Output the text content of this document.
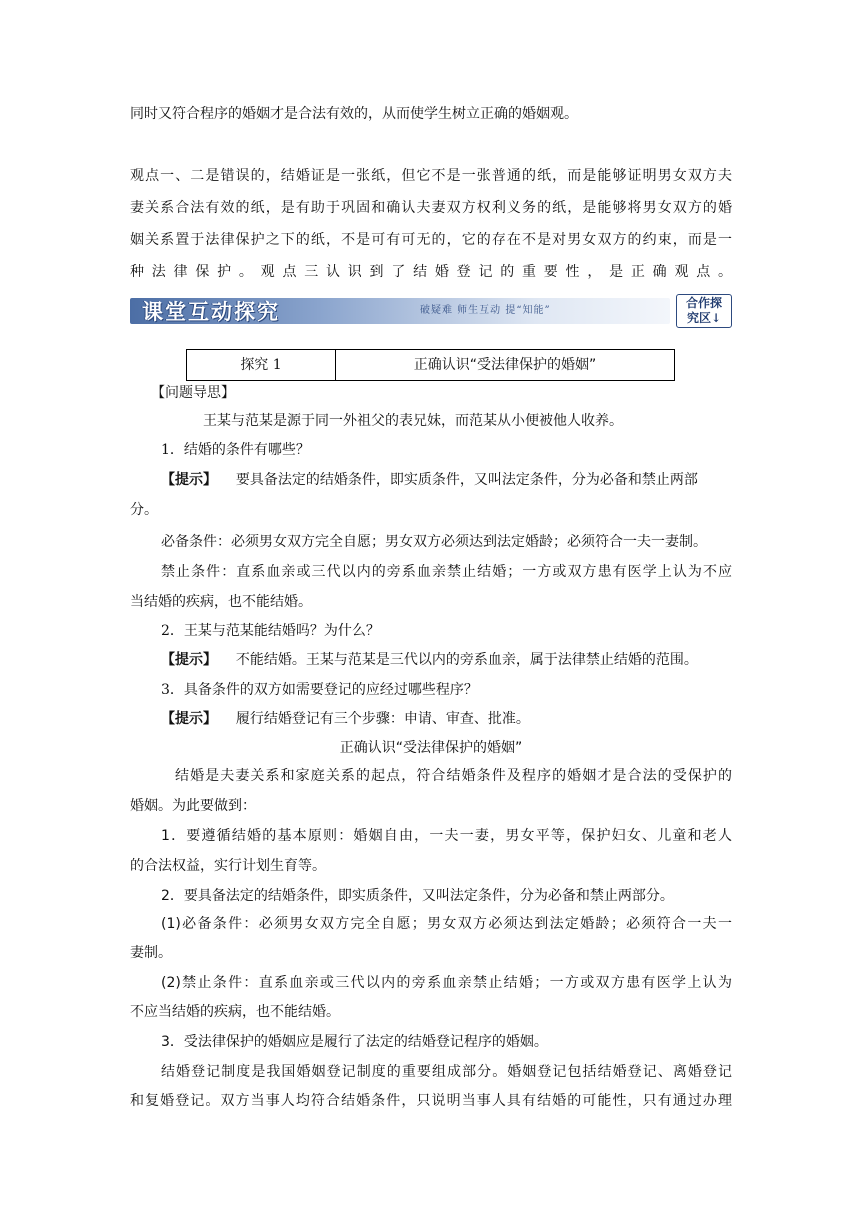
同时又符合程序的婚姻才是合法有效的，从而使学生树立正确的婚姻观。
观点一、二是错误的，结婚证是一张纸，但它不是一张普通的纸，而是能够证明男女双方夫
妻关系合法有效的纸，是有助于巩固和确认夫妻双方权利义务的纸，是能够将男女双方的婚
姻关系置于法律保护之下的纸，不是可有可无的，它的存在不是对男女双方的约束，而是一
种法律保护。观点三认识到了结婚登记的重要性，是正确观点。
课堂互动探究	破疑难 师生互动 提“知能”
合作探
究区↓
探究 1	正确认识“受法律保护的婚姻”
【问题导思】
王某与范某是源于同一外祖父的表兄妹，而范某从小便被他人收养。
1．结婚的条件有哪些？
【提示】 要具备法定的结婚条件，即实质条件，又叫法定条件，分为必备和禁止两部
分。
必备条件：必须男女双方完全自愿；男女双方必须达到法定婚龄；必须符合一夫一妻制。
禁止条件：直系血亲或三代以内的旁系血亲禁止结婚；一方或双方患有医学上认为不应
当结婚的疾病，也不能结婚。
2．王某与范某能结婚吗？为什么？
【提示】 不能结婚。王某与范某是三代以内的旁系血亲，属于法律禁止结婚的范围。
3．具备条件的双方如需要登记的应经过哪些程序？
【提示】 履行结婚登记有三个步骤：申请、审查、批准。
正确认识“受法律保护的婚姻”
结婚是夫妻关系和家庭关系的起点，符合结婚条件及程序的婚姻才是合法的受保护的
婚姻。为此要做到：
1．要遵循结婚的基本原则：婚姻自由，一夫一妻，男女平等，保护妇女、儿童和老人
的合法权益，实行计划生育等。
2．要具备法定的结婚条件，即实质条件，又叫法定条件，分为必备和禁止两部分。
(1)必备条件：必须男女双方完全自愿；男女双方必须达到法定婚龄；必须符合一夫一
妻制。
(2)禁止条件：直系血亲或三代以内的旁系血亲禁止结婚；一方或双方患有医学上认为
不应当结婚的疾病，也不能结婚。
3．受法律保护的婚姻应是履行了法定的结婚登记程序的婚姻。
结婚登记制度是我国婚姻登记制度的重要组成部分。婚姻登记包括结婚登记、离婚登记
和复婚登记。双方当事人均符合结婚条件，只说明当事人具有结婚的可能性，只有通过办理
